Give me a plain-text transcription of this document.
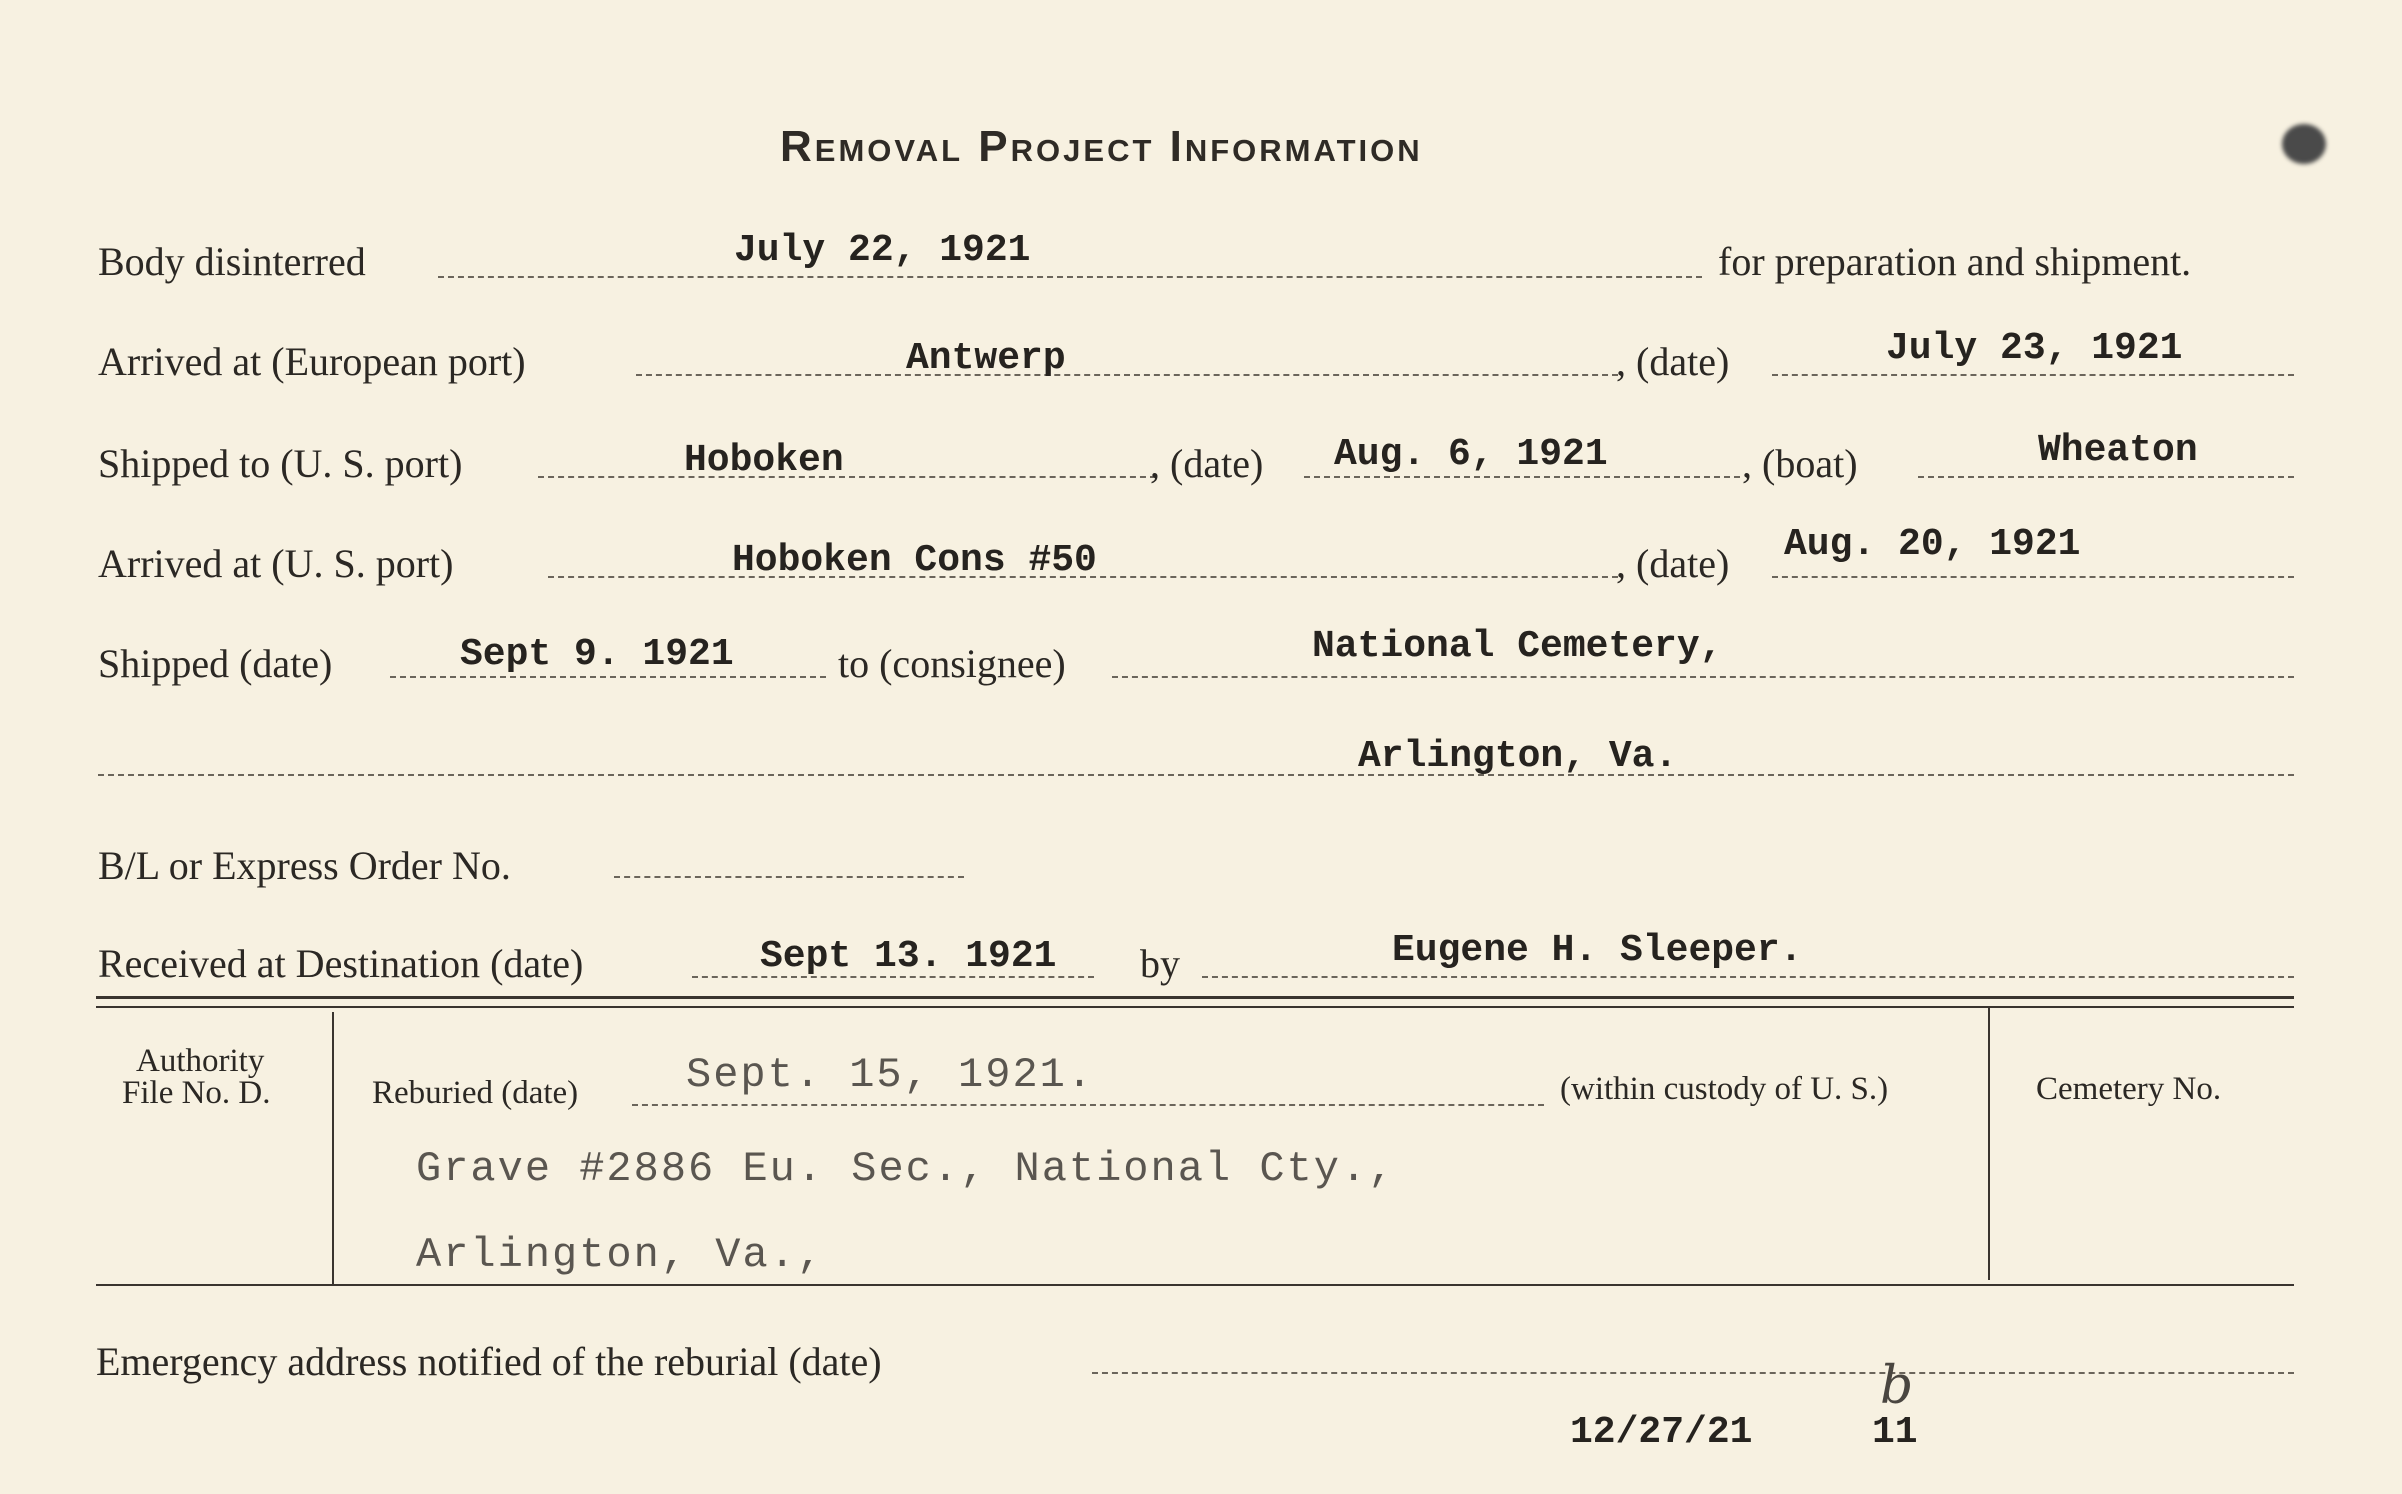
Removal Project Information
Body disinterred	July 22, 1921	for preparation and shipment.
Arrived at (European port)	Antwerp	, (date)	July 23, 1921
Shipped to (U. S. port)	Hoboken	, (date) Aug. 6, 1921	, (boat)	Wheaton
Arrived at (U. S. port)	Hoboken Cons #50	, (date) Aug. 20, 1921
Shipped (date)	Sept 9. 1921	to (consignee)	National Cemetery,
Arlington, Va.
B/L or Express Order No.
Received at Destination (date)	Sept 13. 1921 by	Eugene H. Sleeper.
Authority
File No. D.	Reburied (date)	Sept. 15, 1921.	(within custody of U. S.)	Cemetery No.
Grave #2886 Eu. Sec., National Cty.,
Arlington, Va.,
Emergency address notified of the reburial (date)
12/27/21	11
b
